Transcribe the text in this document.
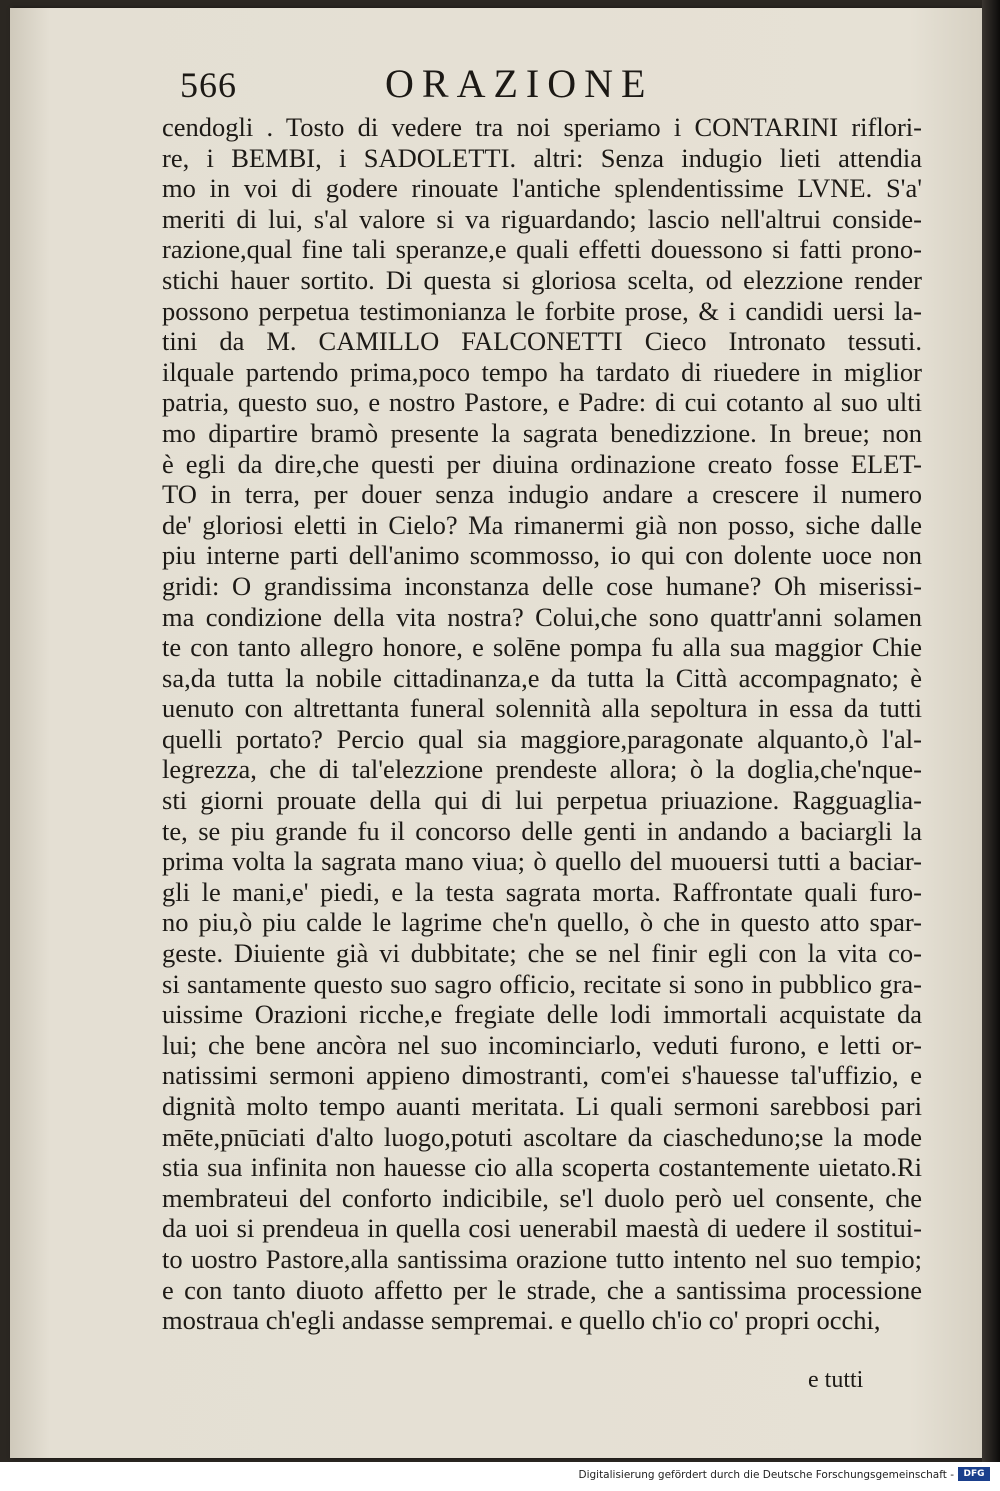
566	ORAZIONE
cendogli . Tosto di vedere tra noi speriamo i CONTARINI riflori-
re, i BEMBI, i SADOLETTI. altri: Senza indugio lieti attendia
mo in voi di godere rinouate l'antiche splendentissime LVNE. S'a'
meriti di lui, s'al valore si va riguardando; lascio nell'altrui conside-
razione,qual fine tali speranze,e quali effetti douessono si fatti prono-
stichi hauer sortito. Di questa si gloriosa scelta, od elezzione render
possono perpetua testimonianza le forbite prose, & i candidi uersi la-
tini da M. CAMILLO FALCONETTI Cieco Intronato tessuti.
ilquale partendo prima,poco tempo ha tardato di riuedere in miglior
patria, questo suo, e nostro Pastore, e Padre: di cui cotanto al suo ulti
mo dipartire bramò presente la sagrata benedizzione. In breue; non
è egli da dire,che questi per diuina ordinazione creato fosse ELET-
TO in terra, per douer senza indugio andare a crescere il numero
de' gloriosi eletti in Cielo? Ma rimanermi già non posso, siche dalle
piu interne parti dell'animo scommosso, io qui con dolente uoce non
gridi: O grandissima inconstanza delle cose humane? Oh miserissi-
ma condizione della vita nostra? Colui,che sono quattr'anni solamen
te con tanto allegro honore, e solēne pompa fu alla sua maggior Chie
sa,da tutta la nobile cittadinanza,e da tutta la Città accompagnato; è
uenuto con altrettanta funeral solennità alla sepoltura in essa da tutti
quelli portato? Percio qual sia maggiore,paragonate alquanto,ò l'al-
legrezza, che di tal'elezzione prendeste allora; ò la doglia,che'nque-
sti giorni prouate della qui di lui perpetua priuazione. Ragguaglia-
te, se piu grande fu il concorso delle genti in andando a baciargli la
prima volta la sagrata mano viua; ò quello del muouersi tutti a baciar-
gli le mani,e' piedi, e la testa sagrata morta. Raffrontate quali furo-
no piu,ò piu calde le lagrime che'n quello, ò che in questo atto spar-
geste. Diuiente già vi dubbitate; che se nel finir egli con la vita co-
si santamente questo suo sagro officio, recitate si sono in pubblico gra-
uissime Orazioni ricche,e fregiate delle lodi immortali acquistate da
lui; che bene ancòra nel suo incominciarlo, veduti furono, e letti or-
natissimi sermoni appieno dimostranti, com'ei s'hauesse tal'uffizio, e
dignità molto tempo auanti meritata. Li quali sermoni sarebbosi pari
mēte,pnūciati d'alto luogo,potuti ascoltare da ciascheduno;se la mode
stia sua infinita non hauesse cio alla scoperta costantemente uietato.Ri
membrateui del conforto indicibile, se'l duolo però uel consente, che
da uoi si prendeua in quella cosi uenerabil maestà di uedere il sostitui-
to uostro Pastore,alla santissima orazione tutto intento nel suo tempio;
e con tanto diuoto affetto per le strade, che a santissima processione
mostraua ch'egli andasse sempremai. e quello ch'io co' propri occhi,
e tutti
Digitalisierung gefördert durch die Deutsche Forschungsgemeinschaft -	DFG
